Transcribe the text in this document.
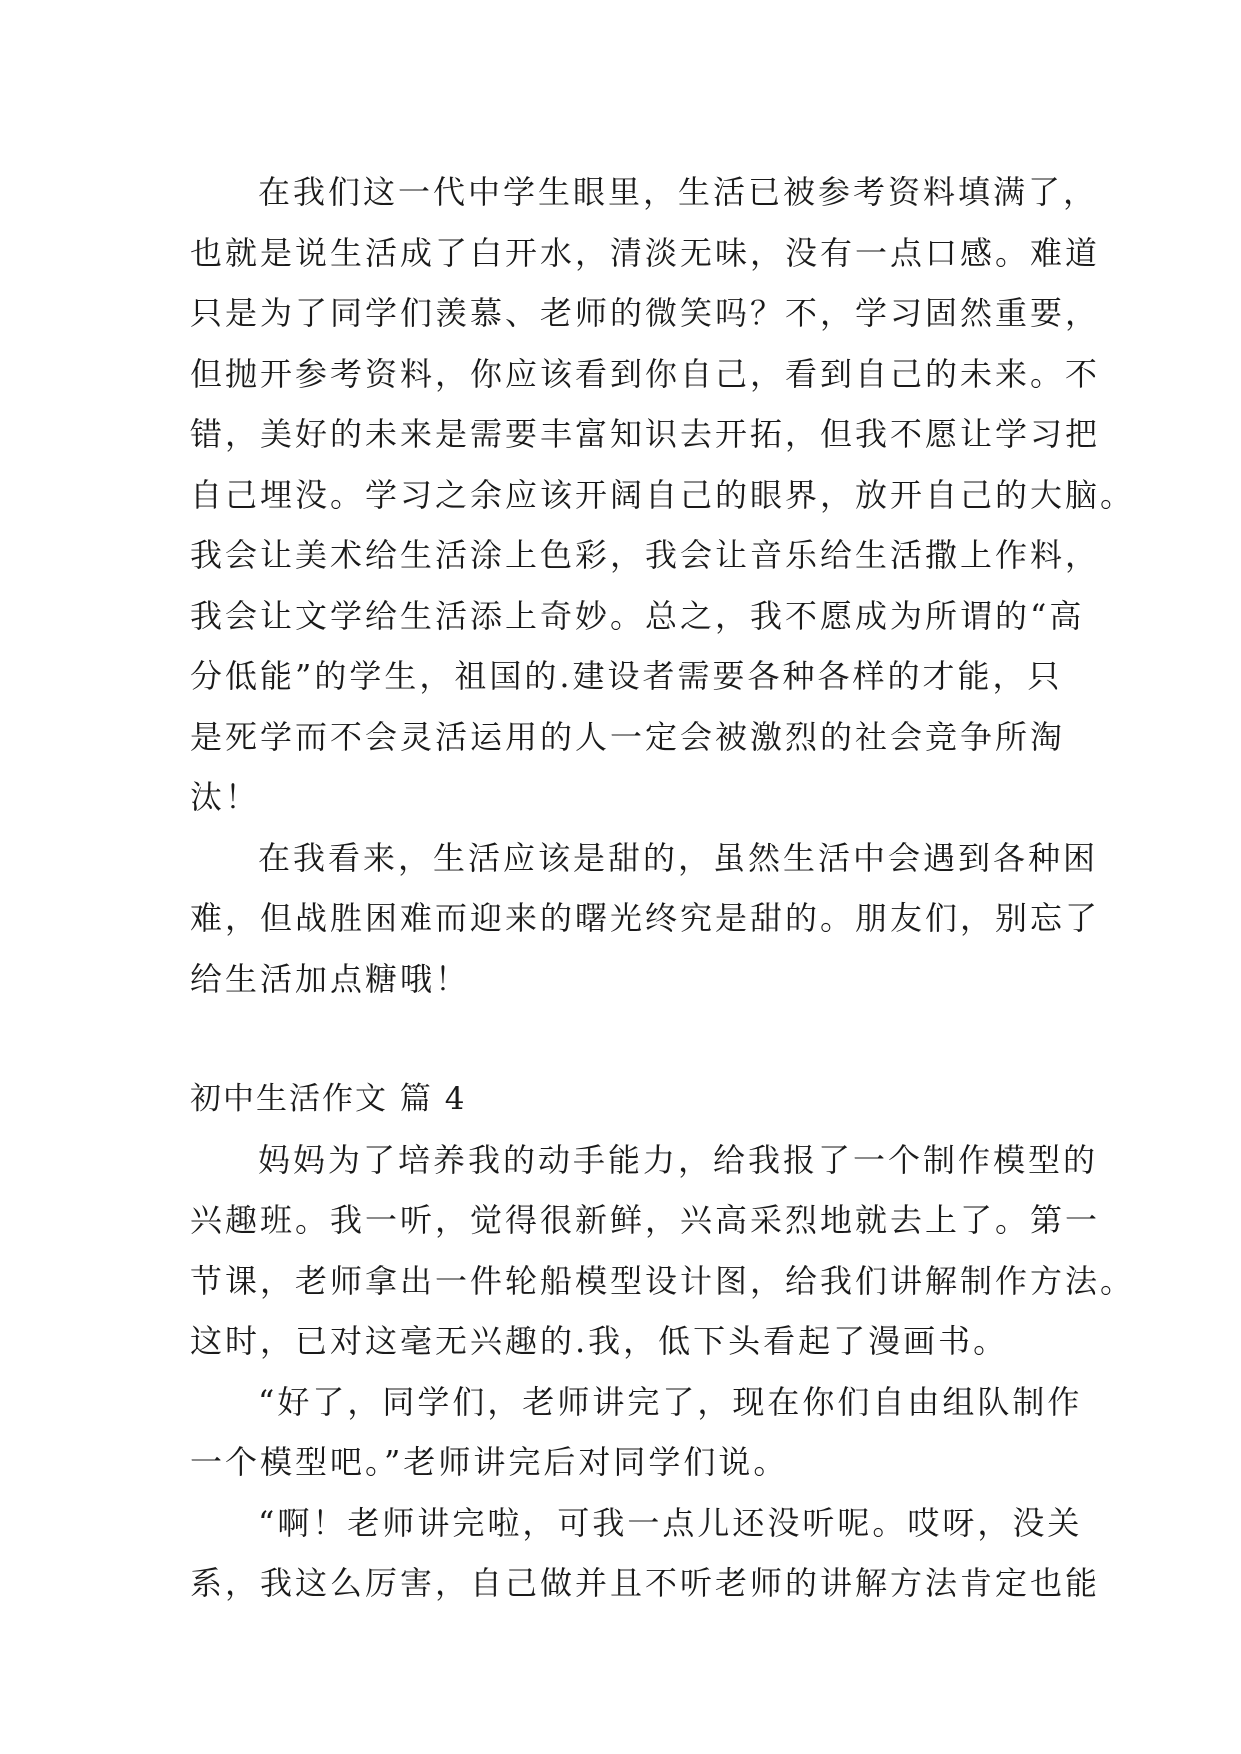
在我们这一代中学生眼里，生活已被参考资料填满了，
也就是说生活成了白开水，清淡无味，没有一点口感。难道
只是为了同学们羡慕、老师的微笑吗？不，学习固然重要，
但抛开参考资料，你应该看到你自己，看到自己的未来。不
错，美好的未来是需要丰富知识去开拓，但我不愿让学习把
自己埋没。学习之余应该开阔自己的眼界，放开自己的大脑。
我会让美术给生活涂上色彩，我会让音乐给生活撒上作料，
我会让文学给生活添上奇妙。总之，我不愿成为所谓的“高
分低能”的学生，祖国的.建设者需要各种各样的才能，只
是死学而不会灵活运用的人一定会被激烈的社会竞争所淘
汰！
在我看来，生活应该是甜的，虽然生活中会遇到各种困
难，但战胜困难而迎来的曙光终究是甜的。朋友们，别忘了
给生活加点糖哦！
初中生活作文 篇 4
妈妈为了培养我的动手能力，给我报了一个制作模型的
兴趣班。我一听，觉得很新鲜，兴高采烈地就去上了。第一
节课，老师拿出一件轮船模型设计图，给我们讲解制作方法。
这时，已对这毫无兴趣的.我，低下头看起了漫画书。
“好了，同学们，老师讲完了，现在你们自由组队制作
一个模型吧。”老师讲完后对同学们说。
“啊！老师讲完啦，可我一点儿还没听呢。哎呀，没关
系，我这么厉害，自己做并且不听老师的讲解方法肯定也能
